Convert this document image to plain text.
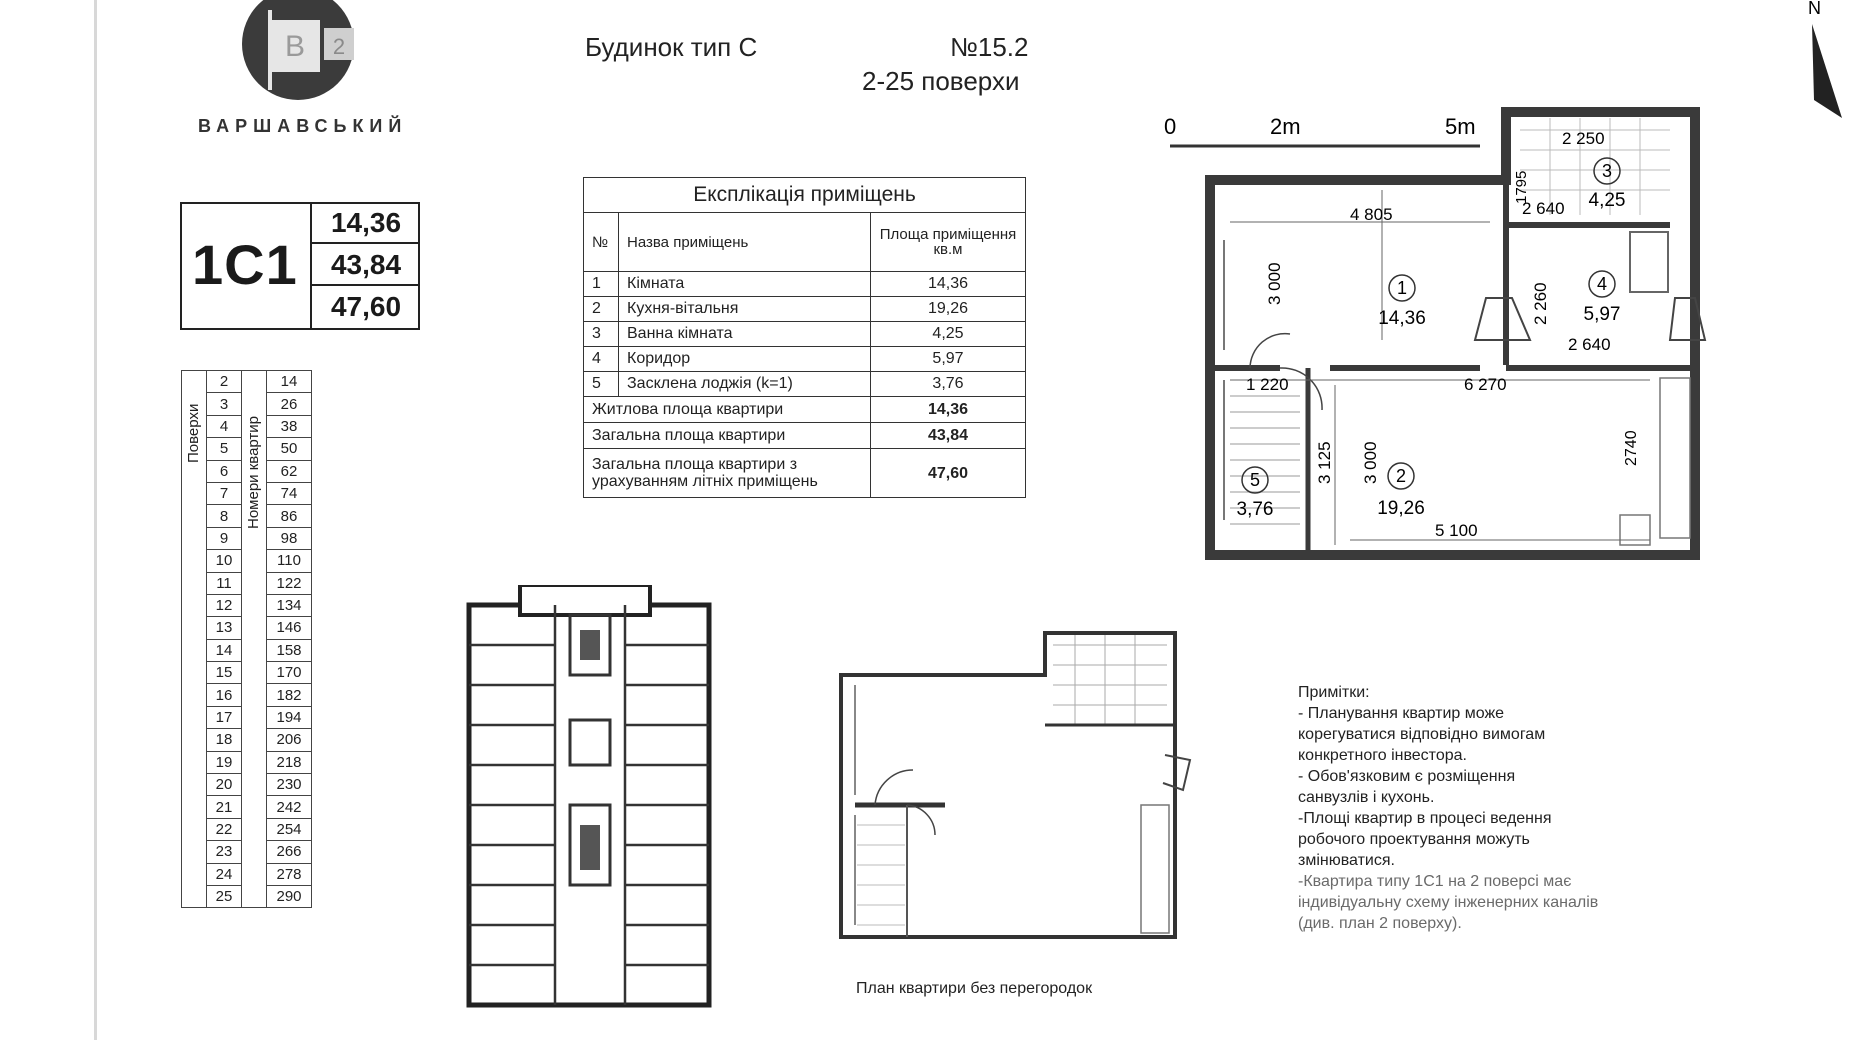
В 2
ВАРШАВСЬКИЙ
Будинок тип С	№15.2
2-25 поверхи
1С1
14,36
43,84
47,60
Експлікація приміщень		
№	Назва приміщень	Площа приміщення кв.м
1	Кімната	14,36
2	Кухня-вітальня	19,26
3	Ванна кімната	4,25
4	Коридор	5,97
5	Засклена лоджія (k=1)	3,76
Житлова площа квартири		14,36
Загальна площа квартири		43,84
Загальна площа квартири з урахуванням літніх приміщень		47,60
Поверхи	2	Номери квартир	14
	3		26
	4		38
	5		50
	6		62
	7		74
	8		86
	9		98
	10		110
	11		122
	12		134
	13		146
	14		158
	15		170
	16		182
	17		194
	18		206
	19		218
	20		230
	21		242
	22		254
	23		266
	24		278
	25		290
0	2m	5m
N
4 805
3 000
2 250
1795
2 640
2 260
2 640
1 220	6 270
3 125 3 000	2740
5 100
1
14,36
2
19,26
3
4,25
4
5,97
5
3,76

Примітки:

- Планування квартир може

корегуватися відповідно вимогам

конкретного інвестора.

- Обов'язковим є розміщення

санвузлів і кухонь.

-Площі квартир в процесі ведення

робочого проектування можуть

змінюватися.

-Квартира типу 1С1 на 2 поверсі має

індивідуальну схему інженерних каналів

(див. план 2 поверху).

План квартири без перегородок
